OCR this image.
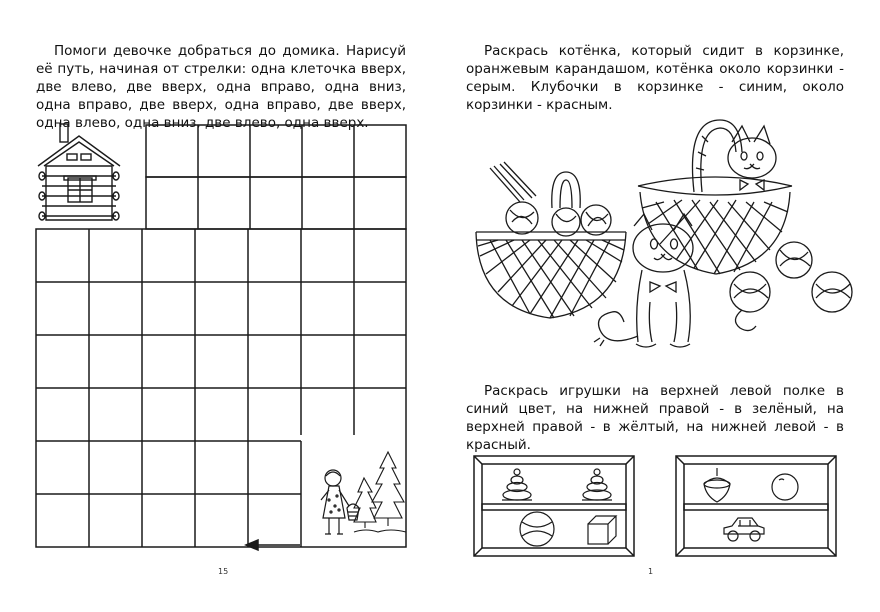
Помоги девочке добраться до домика. Нарисуй её путь, начиная от стрелки: одна клеточка вверх, две влево, две вверх, одна вправо, одна вниз, одна вправо, две вверх, одна вправо, две вверх, одна влево, одна вниз, две влево, одна вверх.

15

Раскрась котёнка, который сидит в корзинке, оранжевым карандашом, котёнка около корзинки - серым. Клубочки в корзинке - синим, около корзинки - красным.

Раскрась игрушки на верхней левой полке в синий цвет, на нижней правой - в зелёный, на верхней правой - в жёлтый, на нижней левой - в красный.

1
